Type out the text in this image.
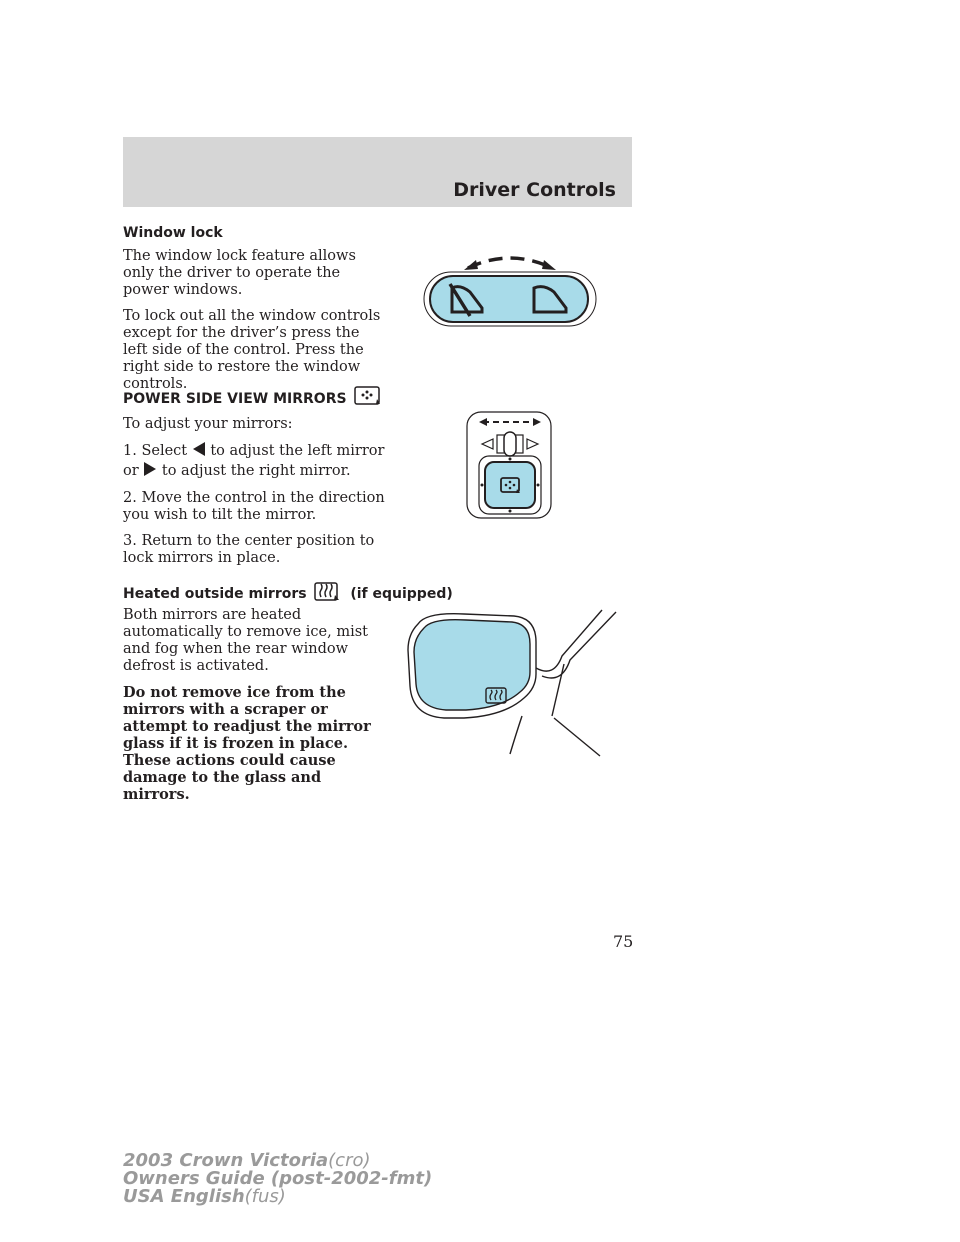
Driver Controls

Window lock

The window lock feature allows only the driver to operate the power windows.

To lock out all the window controls except for the driver’s press the left side of the control. Press the right side to restore the window controls.

POWER SIDE VIEW MIRRORS

To adjust your mirrors:

1. Select to adjust the left mirror or to adjust the right mirror.

2. Move the control in the direction you wish to tilt the mirror.

3. Return to the center position to lock mirrors in place.

Heated outside mirrors	(if equipped)

Both mirrors are heated automatically to remove ice, mist and fog when the rear window defrost is activated.

Do not remove ice from the mirrors with a scraper or attempt to readjust the mirror glass if it is frozen in place. These actions could cause damage to the glass and mirrors.

75
2003 Crown Victoria(cro)
Owners Guide (post-2002-fmt)
USA English(fus)
